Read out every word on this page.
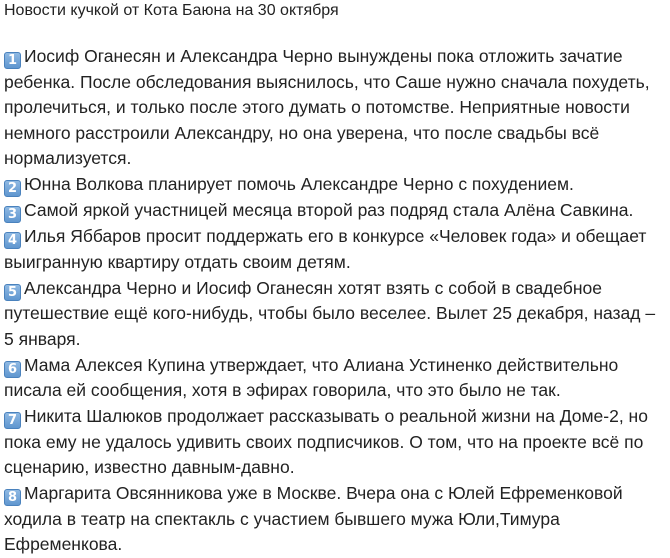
Новости кучкой от Кота Баюна на 30 октября
1 Иосиф Оганесян и Александра Черно вынуждены пока отложить зачатие ребенка. После обследования выяснилось, что Саше нужно сначала похудеть, пролечиться, и только после этого думать о потомстве. Неприятные новости немного расстроили Александру, но она уверена, что после свадьбы всё нормализуется.
2 Юнна Волкова планирует помочь Александре Черно с похудением.
3 Самой яркой участницей месяца второй раз подряд стала Алёна Савкина.
4 Илья Яббаров просит поддержать его в конкурсе «Человек года» и обещает выигранную квартиру отдать своим детям.
5 Александра Черно и Иосиф Оганесян хотят взять с собой в свадебное путешествие ещё кого-нибудь, чтобы было веселее. Вылет 25 декабря, назад – 5 января.
6 Мама Алексея Купина утверждает, что Алиана Устиненко действительно писала ей сообщения, хотя в эфирах говорила, что это было не так.
7 Никита Шалюков продолжает рассказывать о реальной жизни на Доме-2, но пока ему не удалось удивить своих подписчиков. О том, что на проекте всё по сценарию, известно давным-давно.
8 Маргарита Овсянникова уже в Москве. Вчера она с Юлей Ефременковой ходила в театр на спектакль с участием бывшего мужа Юли,Тимура Ефременкова.
